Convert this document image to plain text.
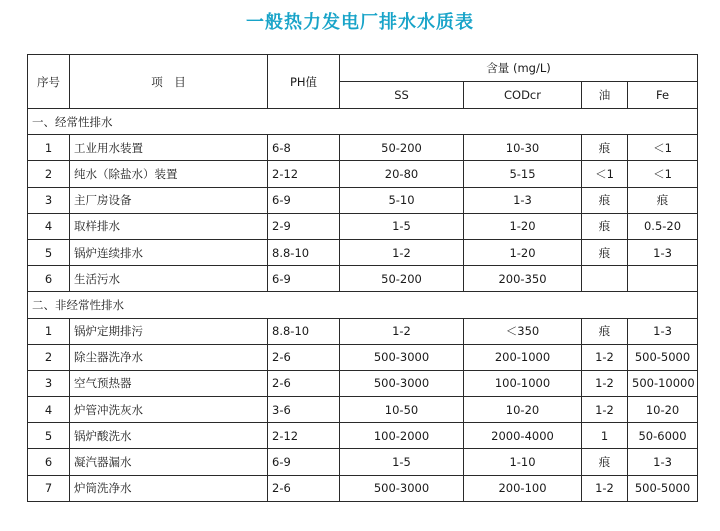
一般热力发电厂排水水质表
序号	项　目	PH值	含量 (mg/L)			
			SS	CODcr	油	Fe
一、经常性排水						
1	工业用水装置	6-8	50-200	10-30	痕	＜1
2	纯水（除盐水）装置	2-12	20-80	5-15	＜1	＜1
3	主厂房设备	6-9	5-10	1-3	痕	痕
4	取样排水	2-9	1-5	1-20	痕	0.5-20
5	锅炉连续排水	8.8-10	1-2	1-20	痕	1-3
6	生活污水	6-9	50-200	200-350		
二、非经常性排水						
1	锅炉定期排污	8.8-10	1-2	＜350	痕	1-3
2	除尘器洗净水	2-6	500-3000	200-1000	1-2	500-5000
3	空气预热器	2-6	500-3000	100-1000	1-2	500-10000
4	炉管冲洗灰水	3-6	10-50	10-20	1-2	10-20
5	锅炉酸洗水	2-12	100-2000	2000-4000	1	50-6000
6	凝汽器漏水	6-9	1-5	1-10	痕	1-3
7	炉筒洗净水	2-6	500-3000	200-100	1-2	500-5000
